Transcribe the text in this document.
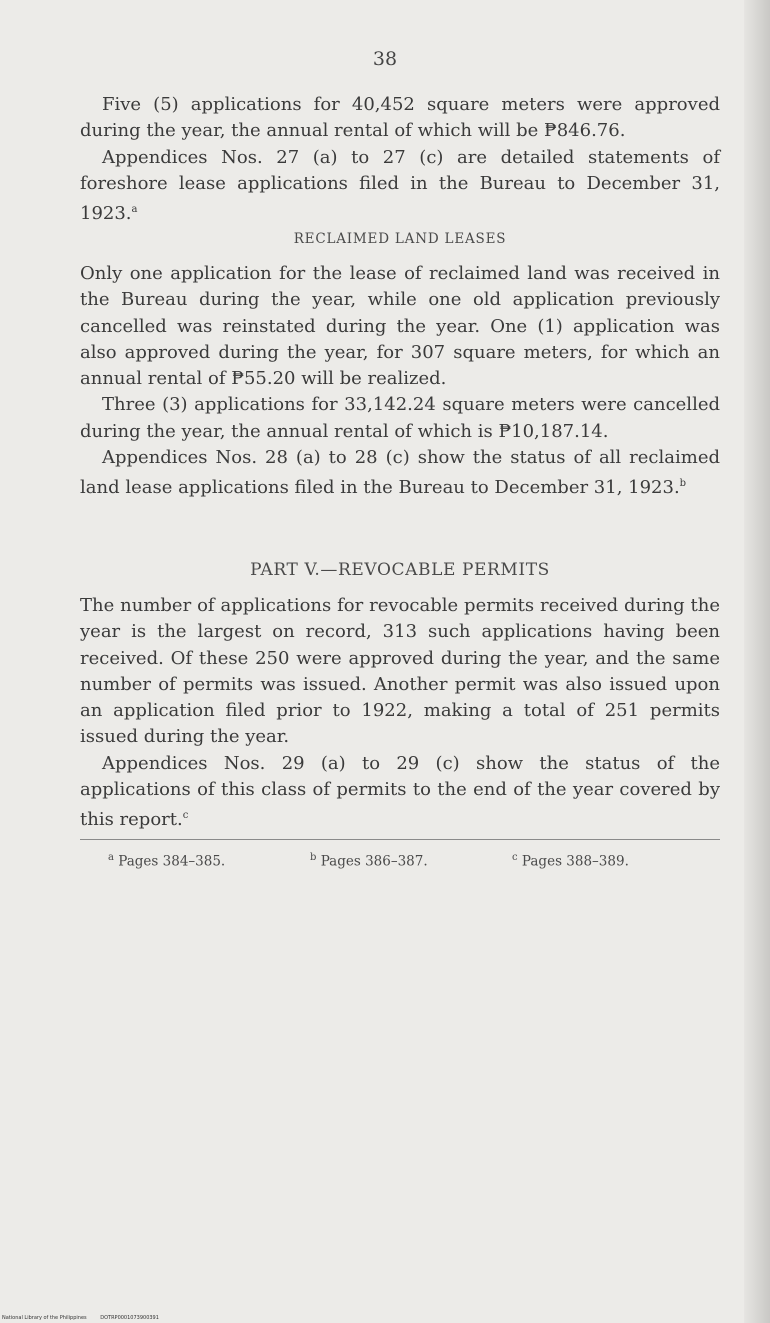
38

Five (5) applications for 40,452 square meters were approved during the year, the annual rental of which will be ₱846.76.

Appendices Nos. 27 (a) to 27 (c) are detailed statements of foreshore lease applications filed in the Bureau to December 31, 1923.$^a$

RECLAIMED LAND LEASES

Only one application for the lease of reclaimed land was received in the Bureau during the year, while one old application previously cancelled was reinstated during the year. One (1) application was also approved during the year, for 307 square meters, for which an annual rental of ₱55.20 will be realized.

Three (3) applications for 33,142.24 square meters were cancelled during the year, the annual rental of which is ₱10,187.14.

Appendices Nos. 28 (a) to 28 (c) show the status of all reclaimed land lease applications filed in the Bureau to December 31, 1923.$^b$

PART V.—REVOCABLE PERMITS

The number of applications for revocable permits received during the year is the largest on record, 313 such applications having been received. Of these 250 were approved during the year, and the same number of permits was issued. Another permit was also issued upon an application filed prior to 1922, making a total of 251 permits issued during the year.

Appendices Nos. 29 (a) to 29 (c) show the status of the applications of this class of permits to the end of the year covered by this report.$^c$

$^a$ Pages 384–385.	$^b$ Pages 386–387.	$^c$ Pages 388–389.
National Library of the Philippines	DOTRP0001073900391
